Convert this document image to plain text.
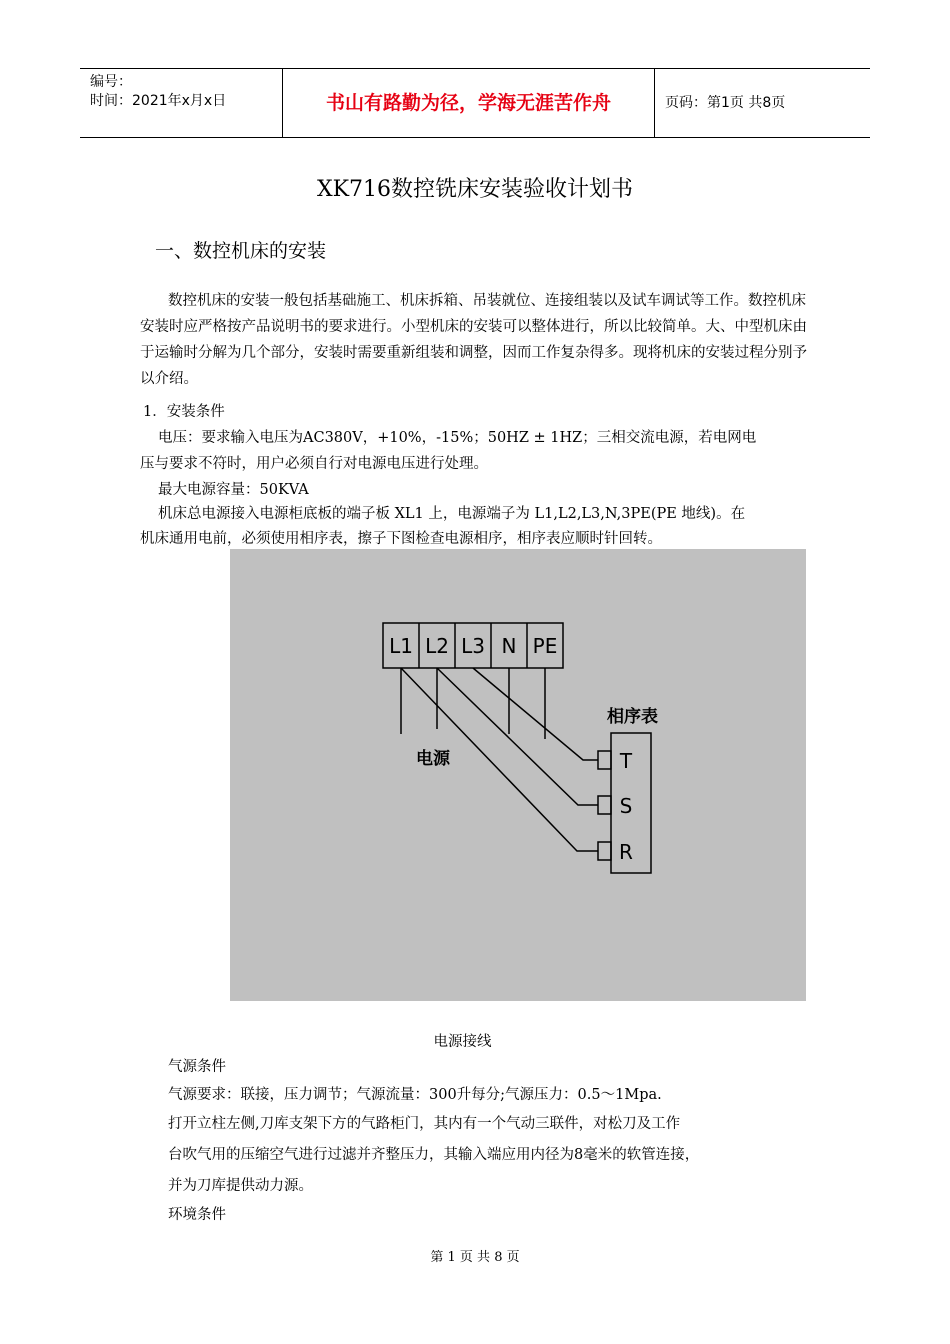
编号：
时间：2021年x月x日	书山有路勤为径，学海无涯苦作舟	页码：第1页 共8页
XK716数控铣床安装验收计划书
一、数控机床的安装
数控机床的安装一般包括基础施工、机床拆箱、吊装就位、连接组装以及试车调试等工作。数控机床安装时应严格按产品说明书的要求进行。小型机床的安装可以整体进行，所以比较简单。大、中型机床由于运输时分解为几个部分，安装时需要重新组装和调整，因而工作复杂得多。现将机床的安装过程分别予以介绍。
1．安装条件
电压：要求输入电压为AC380V，+10%，-15%；50HZ ± 1HZ；三相交流电源，若电网电
压与要求不符时，用户必须自行对电源电压进行处理。
最大电源容量：50KVA
机床总电源接入电源柜底板的端子板 XL1 上，电源端子为 L1,L2,L3,N,3PE(PE 地线)。在
机床通用电前，必须使用相序表，擦子下图检查电源相序，相序表应顺时针回转。
L1 L2 L3 N PE
T
S
R
相序表
电源
电源接线
气源条件
气源要求：联接，压力调节；气源流量：300升每分;气源压力：0.5～1Mpa.
打开立柱左侧,刀库支架下方的气路柜门，其内有一个气动三联件，对松刀及工作
台吹气用的压缩空气进行过滤并齐整压力，其输入端应用内径为8毫米的软管连接，
并为刀库提供动力源。
环境条件
第 1 页 共 8 页
